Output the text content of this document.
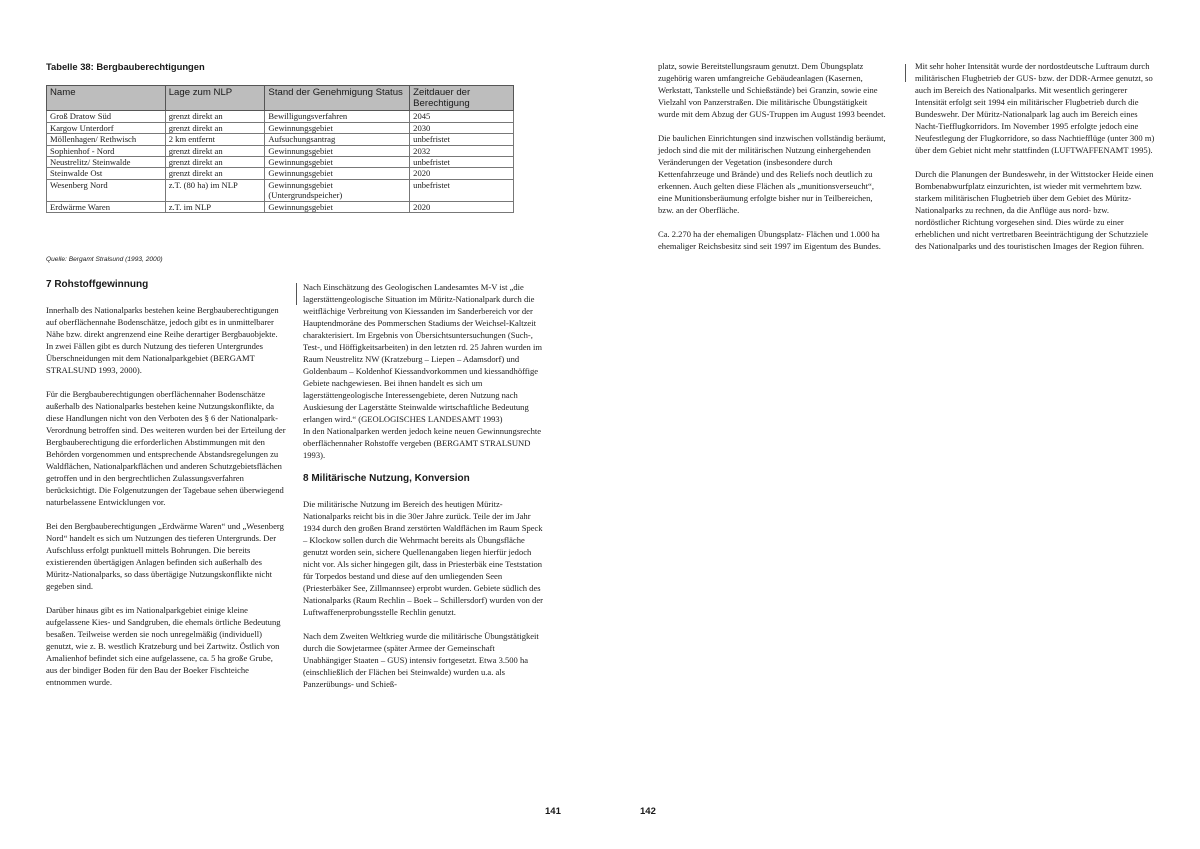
Tabelle 38: Bergbauberechtigungen
Name	Lage zum NLP	Stand der Genehmigung Status	Zeitdauer der Berechtigung
Groß Dratow Süd	grenzt direkt an	Bewilligungsverfahren	2045
Kargow Unterdorf	grenzt direkt an	Gewinnungsgebiet	2030
Möllenhagen/ Rethwisch	2 km entfernt	Aufsuchungsantrag	unbefristet
Sophienhof - Nord	grenzt direkt an	Gewinnungsgebiet	2032
Neustrelitz/ Steinwalde	grenzt direkt an	Gewinnungsgebiet	unbefristet
Steinwalde Ost	grenzt direkt an	Gewinnungsgebiet	2020
Wesenberg Nord	z.T. (80 ha) im NLP	Gewinnungsgebiet (Untergrundspeicher)	unbefristet
Erdwärme Waren	z.T. im NLP	Gewinnungsgebiet	2020
Quelle: Bergamt Stralsund (1993, 2000)
7 Rohstoffgewinnung

Innerhalb des Nationalparks bestehen keine Bergbauberechtigungen auf oberflächennahe Bodenschätze, jedoch gibt es in unmittelbarer Nähe bzw. direkt angrenzend eine Reihe derartiger Bergbauobjekte. In zwei Fällen gibt es durch Nutzung des tieferen Untergrundes Überschneidungen mit dem Nationalparkgebiet (BERGAMT STRALSUND 1993, 2000).

Für die Bergbauberechtigungen oberflächennaher Bodenschätze außerhalb des Nationalparks bestehen keine Nutzungskonflikte, da diese Handlungen nicht von den Verboten des § 6 der Nationalpark-Verordnung betroffen sind. Des weiteren wurden bei der Erteilung der Bergbauberechtigung die erforderlichen Abstimmungen mit den Behörden vorgenommen und entsprechende Abstandsregelungen zu Waldflächen, Nationalparkflächen und anderen Schutzgebietsflächen getroffen und in den bergrechtlichen Zulassungsverfahren berücksichtigt. Die Folgenutzungen der Tagebaue sehen überwiegend naturbelassene Entwicklungen vor.

Bei den Bergbauberechtigungen „Erdwärme Waren“ und „Wesenberg Nord“ handelt es sich um Nutzungen des tieferen Untergrunds. Der Aufschluss erfolgt punktuell mittels Bohrungen. Die bereits existierenden übertägigen Anlagen befinden sich außerhalb des Müritz-Nationalparks, so dass übertägige Nutzungskonflikte nicht gegeben sind.

Darüber hinaus gibt es im Nationalparkgebiet einige kleine aufgelassene Kies- und Sandgruben, die ehemals örtliche Bedeutung besaßen. Teilweise werden sie noch unregelmäßig (individuell) genutzt, wie z. B. westlich Kratzeburg und bei Zartwitz. Östlich von Amalienhof befindet sich eine aufgelassene, ca. 5 ha große Grube, aus der bindiger Boden für den Bau der Boeker Fischteiche entnommen wurde.

Nach Einschätzung des Geologischen Landesamtes M-V ist „die lagerstättengeologische Situation im Müritz-Nationalpark durch die weitflächige Verbreitung von Kiessanden im Sanderbereich vor der Hauptendmoräne des Pommerschen Stadiums der Weichsel-Kaltzeit charakterisiert. Im Ergebnis von Übersichtsuntersuchungen (Such-, Test-, und Höffigkeitsarbeiten) in den letzten rd. 25 Jahren wurden im Raum Neustrelitz NW (Kratzeburg – Liepen – Adamsdorf) und Goldenbaum – Koldenhof Kiessandvorkommen und kiessandhöffige Gebiete nachgewiesen. Bei ihnen handelt es sich um lagerstättengeologische Interessengebiete, deren Nutzung nach Auskiesung der Lagerstätte Steinwalde wirtschaftliche Bedeutung erlangen wird.“ (GEOLOGISCHES LANDESAMT 1993)

In den Nationalparken werden jedoch keine neuen Gewinnungsrechte oberflächennaher Rohstoffe vergeben (BERGAMT STRALSUND 1993).

8 Militärische Nutzung, Konversion

Die militärische Nutzung im Bereich des heutigen Müritz-Nationalparks reicht bis in die 30er Jahre zurück. Teile der im Jahr 1934 durch den großen Brand zerstörten Waldflächen im Raum Speck – Klockow sollen durch die Wehrmacht bereits als Übungsfläche genutzt worden sein, sichere Quellenangaben liegen hierfür jedoch nicht vor. Als sicher hingegen gilt, dass in Priesterbäk eine Teststation für Torpedos bestand und diese auf den umliegenden Seen (Priesterbäker See, Zillmannsee) erprobt wurden. Gebiete südlich des Nationalparks (Raum Rechlin – Boek – Schillersdorf) wurden von der Luftwaffenerprobungsstelle Rechlin genutzt.

Nach dem Zweiten Weltkrieg wurde die militärische Übungstätigkeit durch die Sowjetarmee (später Armee der Gemeinschaft Unabhängiger Staaten – GUS) intensiv fortgesetzt. Etwa 3.500 ha (einschließlich der Flächen bei Steinwalde) wurden u.a. als Panzerübungs- und Schieß-

141

platz, sowie Bereitstellungsraum genutzt. Dem Übungsplatz zugehörig waren umfangreiche Gebäudeanlagen (Kasernen, Werkstatt, Tankstelle und Schießstände) bei Granzin, sowie eine Vielzahl von Panzerstraßen. Die militärische Übungstätigkeit wurde mit dem Abzug der GUS-Truppen im August 1993 beendet.

Die baulichen Einrichtungen sind inzwischen vollständig beräumt, jedoch sind die mit der militärischen Nutzung einhergehenden Veränderungen der Vegetation (insbesondere durch Kettenfahrzeuge und Brände) und des Reliefs noch deutlich zu erkennen. Auch gelten diese Flächen als „munitionsverseucht“, eine Munitionsberäumung erfolgte bisher nur in Teilbereichen, bzw. an der Oberfläche.

Ca. 2.270 ha der ehemaligen Übungsplatz- Flächen und 1.000 ha ehemaliger Reichsbesitz sind seit 1997 im Eigentum des Bundes.

Mit sehr hoher Intensität wurde der nordostdeutsche Luftraum durch militärischen Flugbetrieb der GUS- bzw. der DDR-Armee genutzt, so auch im Bereich des Nationalparks. Mit wesentlich geringerer Intensität erfolgt seit 1994 ein militärischer Flugbetrieb durch die Bundeswehr. Der Müritz-Nationalpark lag auch im Bereich eines Nacht-Tiefflugkorridors. Im November 1995 erfolgte jedoch eine Neufestlegung der Flugkorridore, so dass Nachtiefflüge (unter 300 m) über dem Gebiet nicht mehr stattfinden (LUFTWAFFENAMT 1995).

Durch die Planungen der Bundeswehr, in der Wittstocker Heide einen Bombenabwurfplatz einzurichten, ist wieder mit vermehrtem bzw. starkem militärischen Flugbetrieb über dem Gebiet des Müritz-Nationalparks zu rechnen, da die Anflüge aus nord- bzw. nordöstlicher Richtung vorgesehen sind. Dies würde zu einer erheblichen und nicht vertretbaren Beeinträchtigung der Schutzziele des Nationalparks und des touristischen Images der Region führen.

142
